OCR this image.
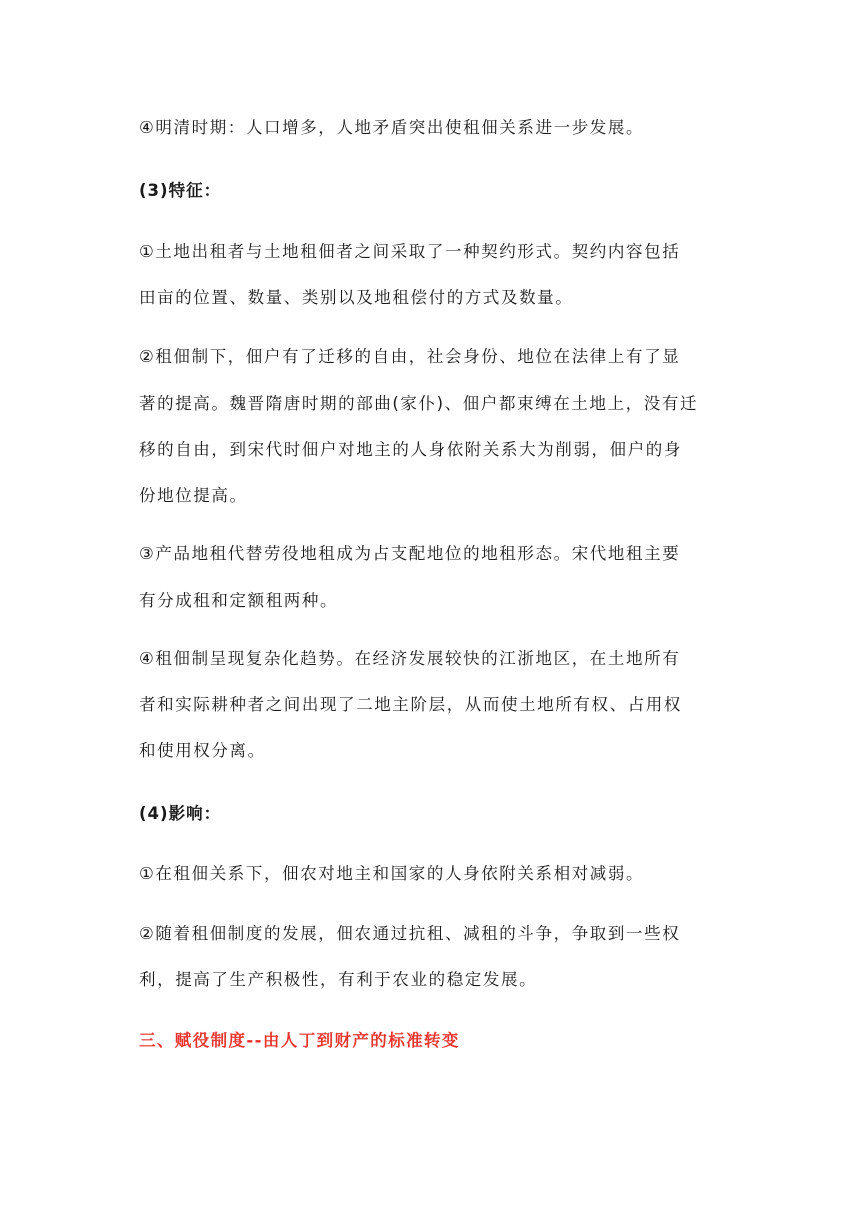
④明清时期：人口增多，人地矛盾突出使租佃关系进一步发展。
(3)特征：
①土地出租者与土地租佃者之间采取了一种契约形式。契约内容包括
田亩的位置、数量、类别以及地租偿付的方式及数量。
②租佃制下，佃户有了迁移的自由，社会身份、地位在法律上有了显
著的提高。魏晋隋唐时期的部曲(家仆)、佃户都束缚在土地上，没有迁
移的自由，到宋代时佃户对地主的人身依附关系大为削弱，佃户的身
份地位提高。
③产品地租代替劳役地租成为占支配地位的地租形态。宋代地租主要
有分成租和定额租两种。
④租佃制呈现复杂化趋势。在经济发展较快的江浙地区，在土地所有
者和实际耕种者之间出现了二地主阶层，从而使土地所有权、占用权
和使用权分离。
(4)影响：
①在租佃关系下，佃农对地主和国家的人身依附关系相对减弱。
②随着租佃制度的发展，佃农通过抗租、减租的斗争，争取到一些权
利，提高了生产积极性，有利于农业的稳定发展。
三、赋役制度--由人丁到财产的标准转变
